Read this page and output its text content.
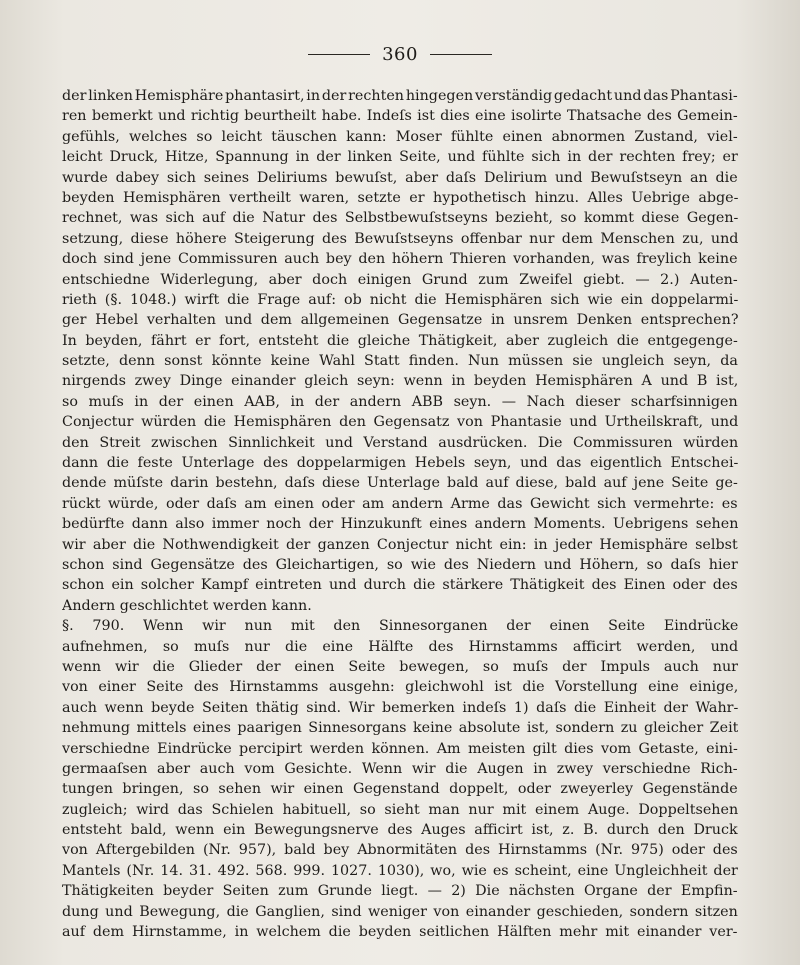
360
der linken Hemisphäre phantasirt, in der rechten hingegen verständig gedacht und das Phantasi-
ren bemerkt und richtig beurtheilt habe. Indeſs ist dies eine isolirte Thatsache des Gemein-
gefühls, welches so leicht täuschen kann: Moser fühlte einen abnormen Zustand, viel-
leicht Druck, Hitze, Spannung in der linken Seite, und fühlte sich in der rechten frey; er
wurde dabey sich seines Deliriums bewuſst, aber daſs Delirium und Bewuſstseyn an die
beyden Hemisphären vertheilt waren, setzte er hypothetisch hinzu. Alles Uebrige abge-
rechnet, was sich auf die Natur des Selbstbewuſstseyns bezieht, so kommt diese Gegen-
setzung, diese höhere Steigerung des Bewuſstseyns offenbar nur dem Menschen zu, und
doch sind jene Commissuren auch bey den höhern Thieren vorhanden, was freylich keine
entschiedne Widerlegung, aber doch einigen Grund zum Zweifel giebt. — 2.) Auten-
rieth (§. 1048.) wirft die Frage auf: ob nicht die Hemisphären sich wie ein doppelarmi-
ger Hebel verhalten und dem allgemeinen Gegensatze in unsrem Denken entsprechen?
In beyden, fährt er fort, entsteht die gleiche Thätigkeit, aber zugleich die entgegenge-
setzte, denn sonst könnte keine Wahl Statt finden. Nun müssen sie ungleich seyn, da
nirgends zwey Dinge einander gleich seyn: wenn in beyden Hemisphären A und B ist,
so muſs in der einen AAB, in der andern ABB seyn. — Nach dieser scharfsinnigen
Conjectur würden die Hemisphären den Gegensatz von Phantasie und Urtheilskraft, und
den Streit zwischen Sinnlichkeit und Verstand ausdrücken. Die Commissuren würden
dann die feste Unterlage des doppelarmigen Hebels seyn, und das eigentlich Entschei-
dende müſste darin bestehn, daſs diese Unterlage bald auf diese, bald auf jene Seite ge-
rückt würde, oder daſs am einen oder am andern Arme das Gewicht sich vermehrte: es
bedürfte dann also immer noch der Hinzukunft eines andern Moments. Uebrigens sehen
wir aber die Nothwendigkeit der ganzen Conjectur nicht ein: in jeder Hemisphäre selbst
schon sind Gegensätze des Gleichartigen, so wie des Niedern und Höhern, so daſs hier
schon ein solcher Kampf eintreten und durch die stärkere Thätigkeit des Einen oder des
Andern geschlichtet werden kann.
§. 790. Wenn wir nun mit den Sinnesorganen der einen Seite Eindrücke
aufnehmen, so muſs nur die eine Hälfte des Hirnstamms afficirt werden, und
wenn wir die Glieder der einen Seite bewegen, so muſs der Impuls auch nur
von einer Seite des Hirnstamms ausgehn: gleichwohl ist die Vorstellung eine einige,
auch wenn beyde Seiten thätig sind. Wir bemerken indeſs 1) daſs die Einheit der Wahr-
nehmung mittels eines paarigen Sinnesorgans keine absolute ist, sondern zu gleicher Zeit
verschiedne Eindrücke percipirt werden können. Am meisten gilt dies vom Getaste, eini-
germaaſsen aber auch vom Gesichte. Wenn wir die Augen in zwey verschiedne Rich-
tungen bringen, so sehen wir einen Gegenstand doppelt, oder zweyerley Gegenstände
zugleich; wird das Schielen habituell, so sieht man nur mit einem Auge. Doppeltsehen
entsteht bald, wenn ein Bewegungsnerve des Auges afficirt ist, z. B. durch den Druck
von Aftergebilden (Nr. 957), bald bey Abnormitäten des Hirnstamms (Nr. 975) oder des
Mantels (Nr. 14. 31. 492. 568. 999. 1027. 1030), wo, wie es scheint, eine Ungleichheit der
Thätigkeiten beyder Seiten zum Grunde liegt. — 2) Die nächsten Organe der Empfin-
dung und Bewegung, die Ganglien, sind weniger von einander geschieden, sondern sitzen
auf dem Hirnstamme, in welchem die beyden seitlichen Hälften mehr mit einander ver-
